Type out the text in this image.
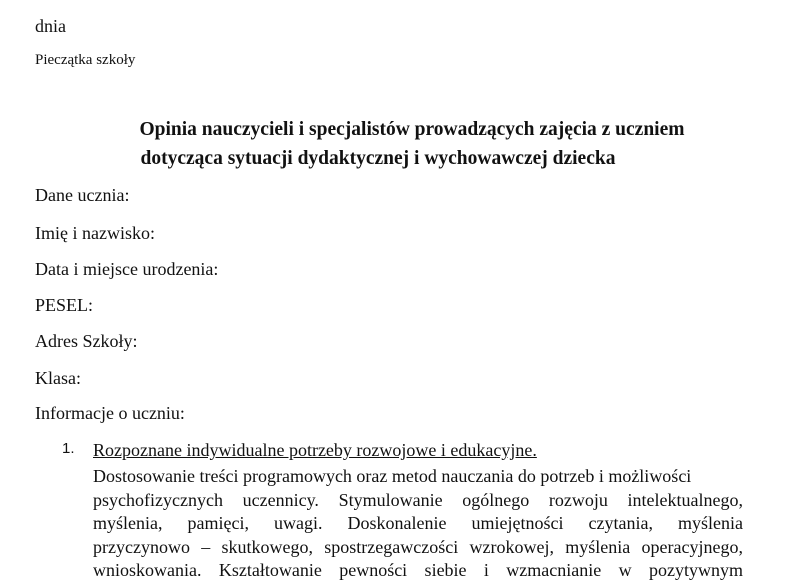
dnia
Pieczątka szkoły
Opinia nauczycieli i specjalistów prowadzących zajęcia z uczniem
dotycząca sytuacji dydaktycznej i wychowawczej dziecka
Dane ucznia:
Imię i nazwisko:
Data i miejsce urodzenia:
PESEL:
Adres Szkoły:
Klasa:
Informacje o uczniu:
1. Rozpoznane indywidualne potrzeby rozwojowe i edukacyjne.
Dostosowanie treści programowych oraz metod nauczania do potrzeb i możliwości
psychofizycznych uczennicy. Stymulowanie ogólnego rozwoju intelektualnego,
myślenia, pamięci, uwagi. Doskonalenie umiejętności czytania, myślenia
przyczynowo – skutkowego, spostrzegawczości wzrokowej, myślenia operacyjnego,
wnioskowania. Kształtowanie pewności siebie i wzmacnianie w pozytywnym
